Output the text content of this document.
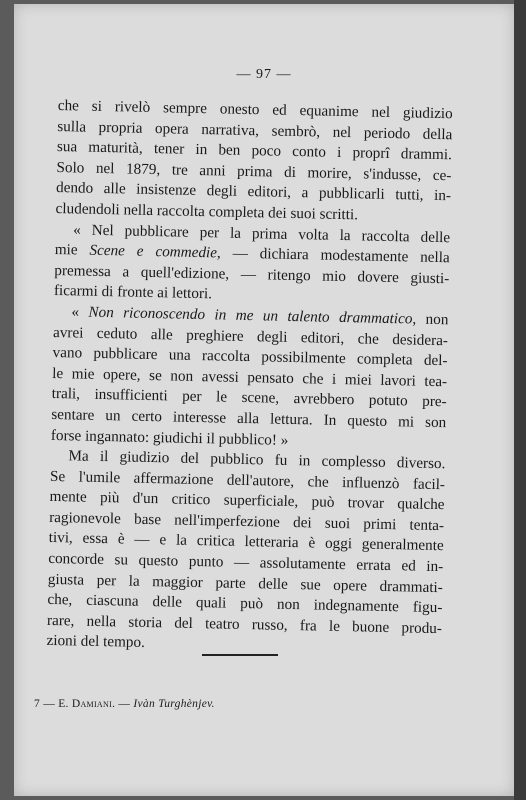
— 97 —
che si rivelò sempre onesto ed equanime nel giudizio
sulla propria opera narrativa, sembrò, nel periodo della
sua maturità, tener in ben poco conto i proprî drammi.
Solo nel 1879, tre anni prima di morire, s'indusse, ce-
dendo alle insistenze degli editori, a pubblicarli tutti, in-
cludendoli nella raccolta completa dei suoi scritti.
« Nel pubblicare per la prima volta la raccolta delle
mie Scene e commedie, — dichiara modestamente nella
premessa a quell'edizione, — ritengo mio dovere giusti-
ficarmi di fronte ai lettori.
« Non riconoscendo in me un talento drammatico, non
avrei ceduto alle preghiere degli editori, che desidera-
vano pubblicare una raccolta possibilmente completa del-
le mie opere, se non avessi pensato che i miei lavori tea-
trali, insufficienti per le scene, avrebbero potuto pre-
sentare un certo interesse alla lettura. In questo mi son
forse ingannato: giudichi il pubblico! »
Ma il giudizio del pubblico fu in complesso diverso.
Se l'umile affermazione dell'autore, che influenzò facil-
mente più d'un critico superficiale, può trovar qualche
ragionevole base nell'imperfezione dei suoi primi tenta-
tivi, essa è — e la critica letteraria è oggi generalmente
concorde su questo punto — assolutamente errata ed in-
giusta per la maggior parte delle sue opere drammati-
che, ciascuna delle quali può non indegnamente figu-
rare, nella storia del teatro russo, fra le buone produ-
zioni del tempo.
7 — E. Damiani. — Ivàn Turghènjev.
